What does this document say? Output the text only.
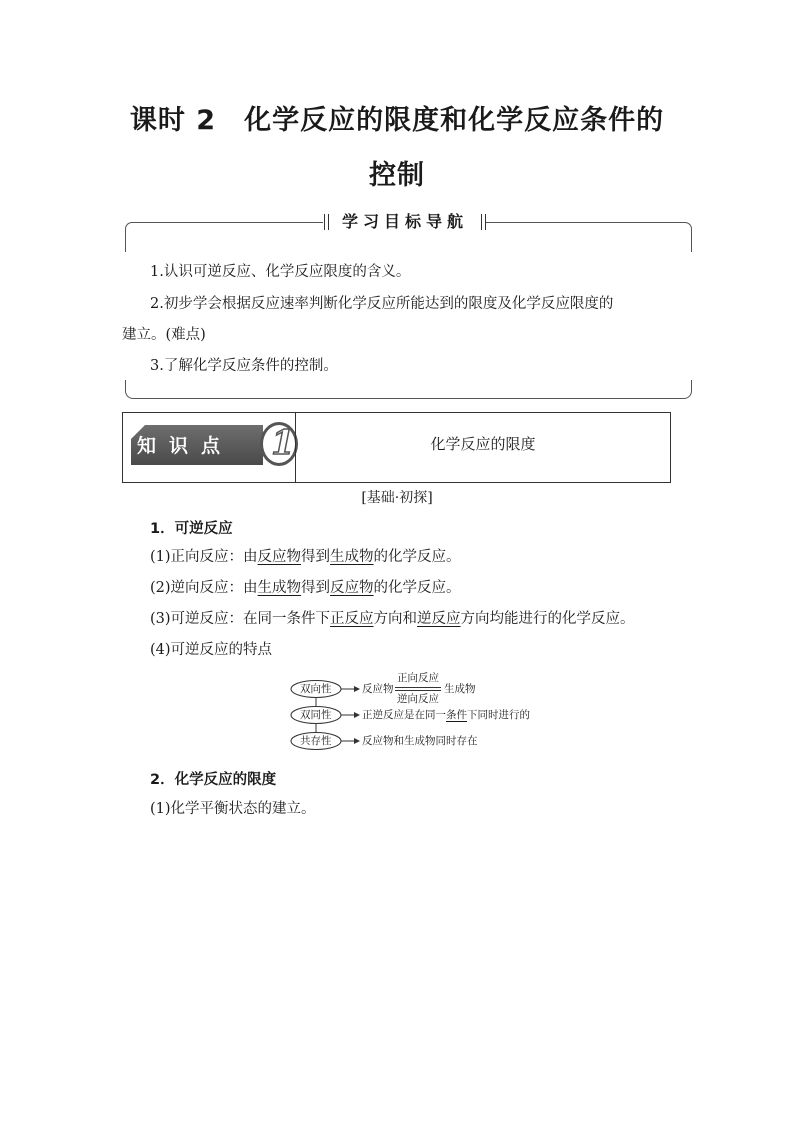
课时 2　化学反应的限度和化学反应条件的
控制
学习目标导航
1.认识可逆反应、化学反应限度的含义。
2.初步学会根据反应速率判断化学反应所能达到的限度及化学反应限度的
建立。(难点)
3.了解化学反应条件的控制。
知识点	1	化学反应的限度
[基础·初探]
1．可逆反应
(1)正向反应：由反应物得到生成物的化学反应。
(2)逆向反应：由生成物得到反应物的化学反应。
(3)可逆反应：在同一条件下正反应方向和逆反应方向均能进行的化学反应。
(4)可逆反应的特点
双向性
双同性
共存性
反应物
正向反应
逆向反应
生成物
正逆反应是在同一条件下同时进行的
反应物和生成物同时存在
2．化学反应的限度
(1)化学平衡状态的建立。
